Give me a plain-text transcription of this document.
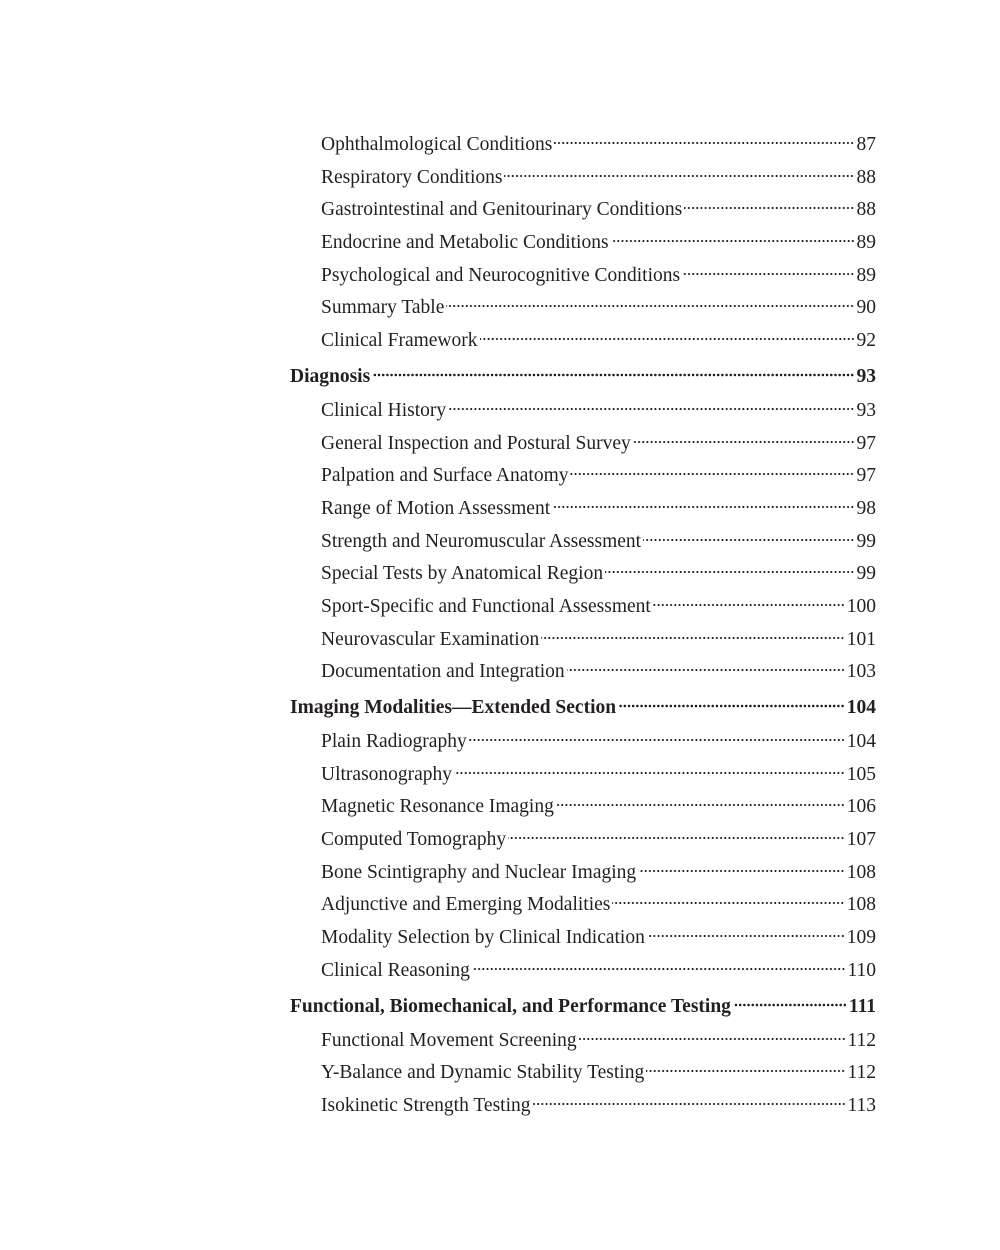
Ophthalmological Conditions	87
Respiratory Conditions	88
Gastrointestinal and Genitourinary Conditions	88
Endocrine and Metabolic Conditions	89
Psychological and Neurocognitive Conditions	89
Summary Table	90
Clinical Framework	92
Diagnosis	93
Clinical History	93
General Inspection and Postural Survey	97
Palpation and Surface Anatomy	97
Range of Motion Assessment	98
Strength and Neuromuscular Assessment	99
Special Tests by Anatomical Region	99
Sport-Specific and Functional Assessment	100
Neurovascular Examination	101
Documentation and Integration	103
Imaging Modalities—Extended Section	104
Plain Radiography	104
Ultrasonography	105
Magnetic Resonance Imaging	106
Computed Tomography	107
Bone Scintigraphy and Nuclear Imaging	108
Adjunctive and Emerging Modalities	108
Modality Selection by Clinical Indication	109
Clinical Reasoning	110
Functional, Biomechanical, and Performance Testing	111
Functional Movement Screening	112
Y-Balance and Dynamic Stability Testing	112
Isokinetic Strength Testing	113
